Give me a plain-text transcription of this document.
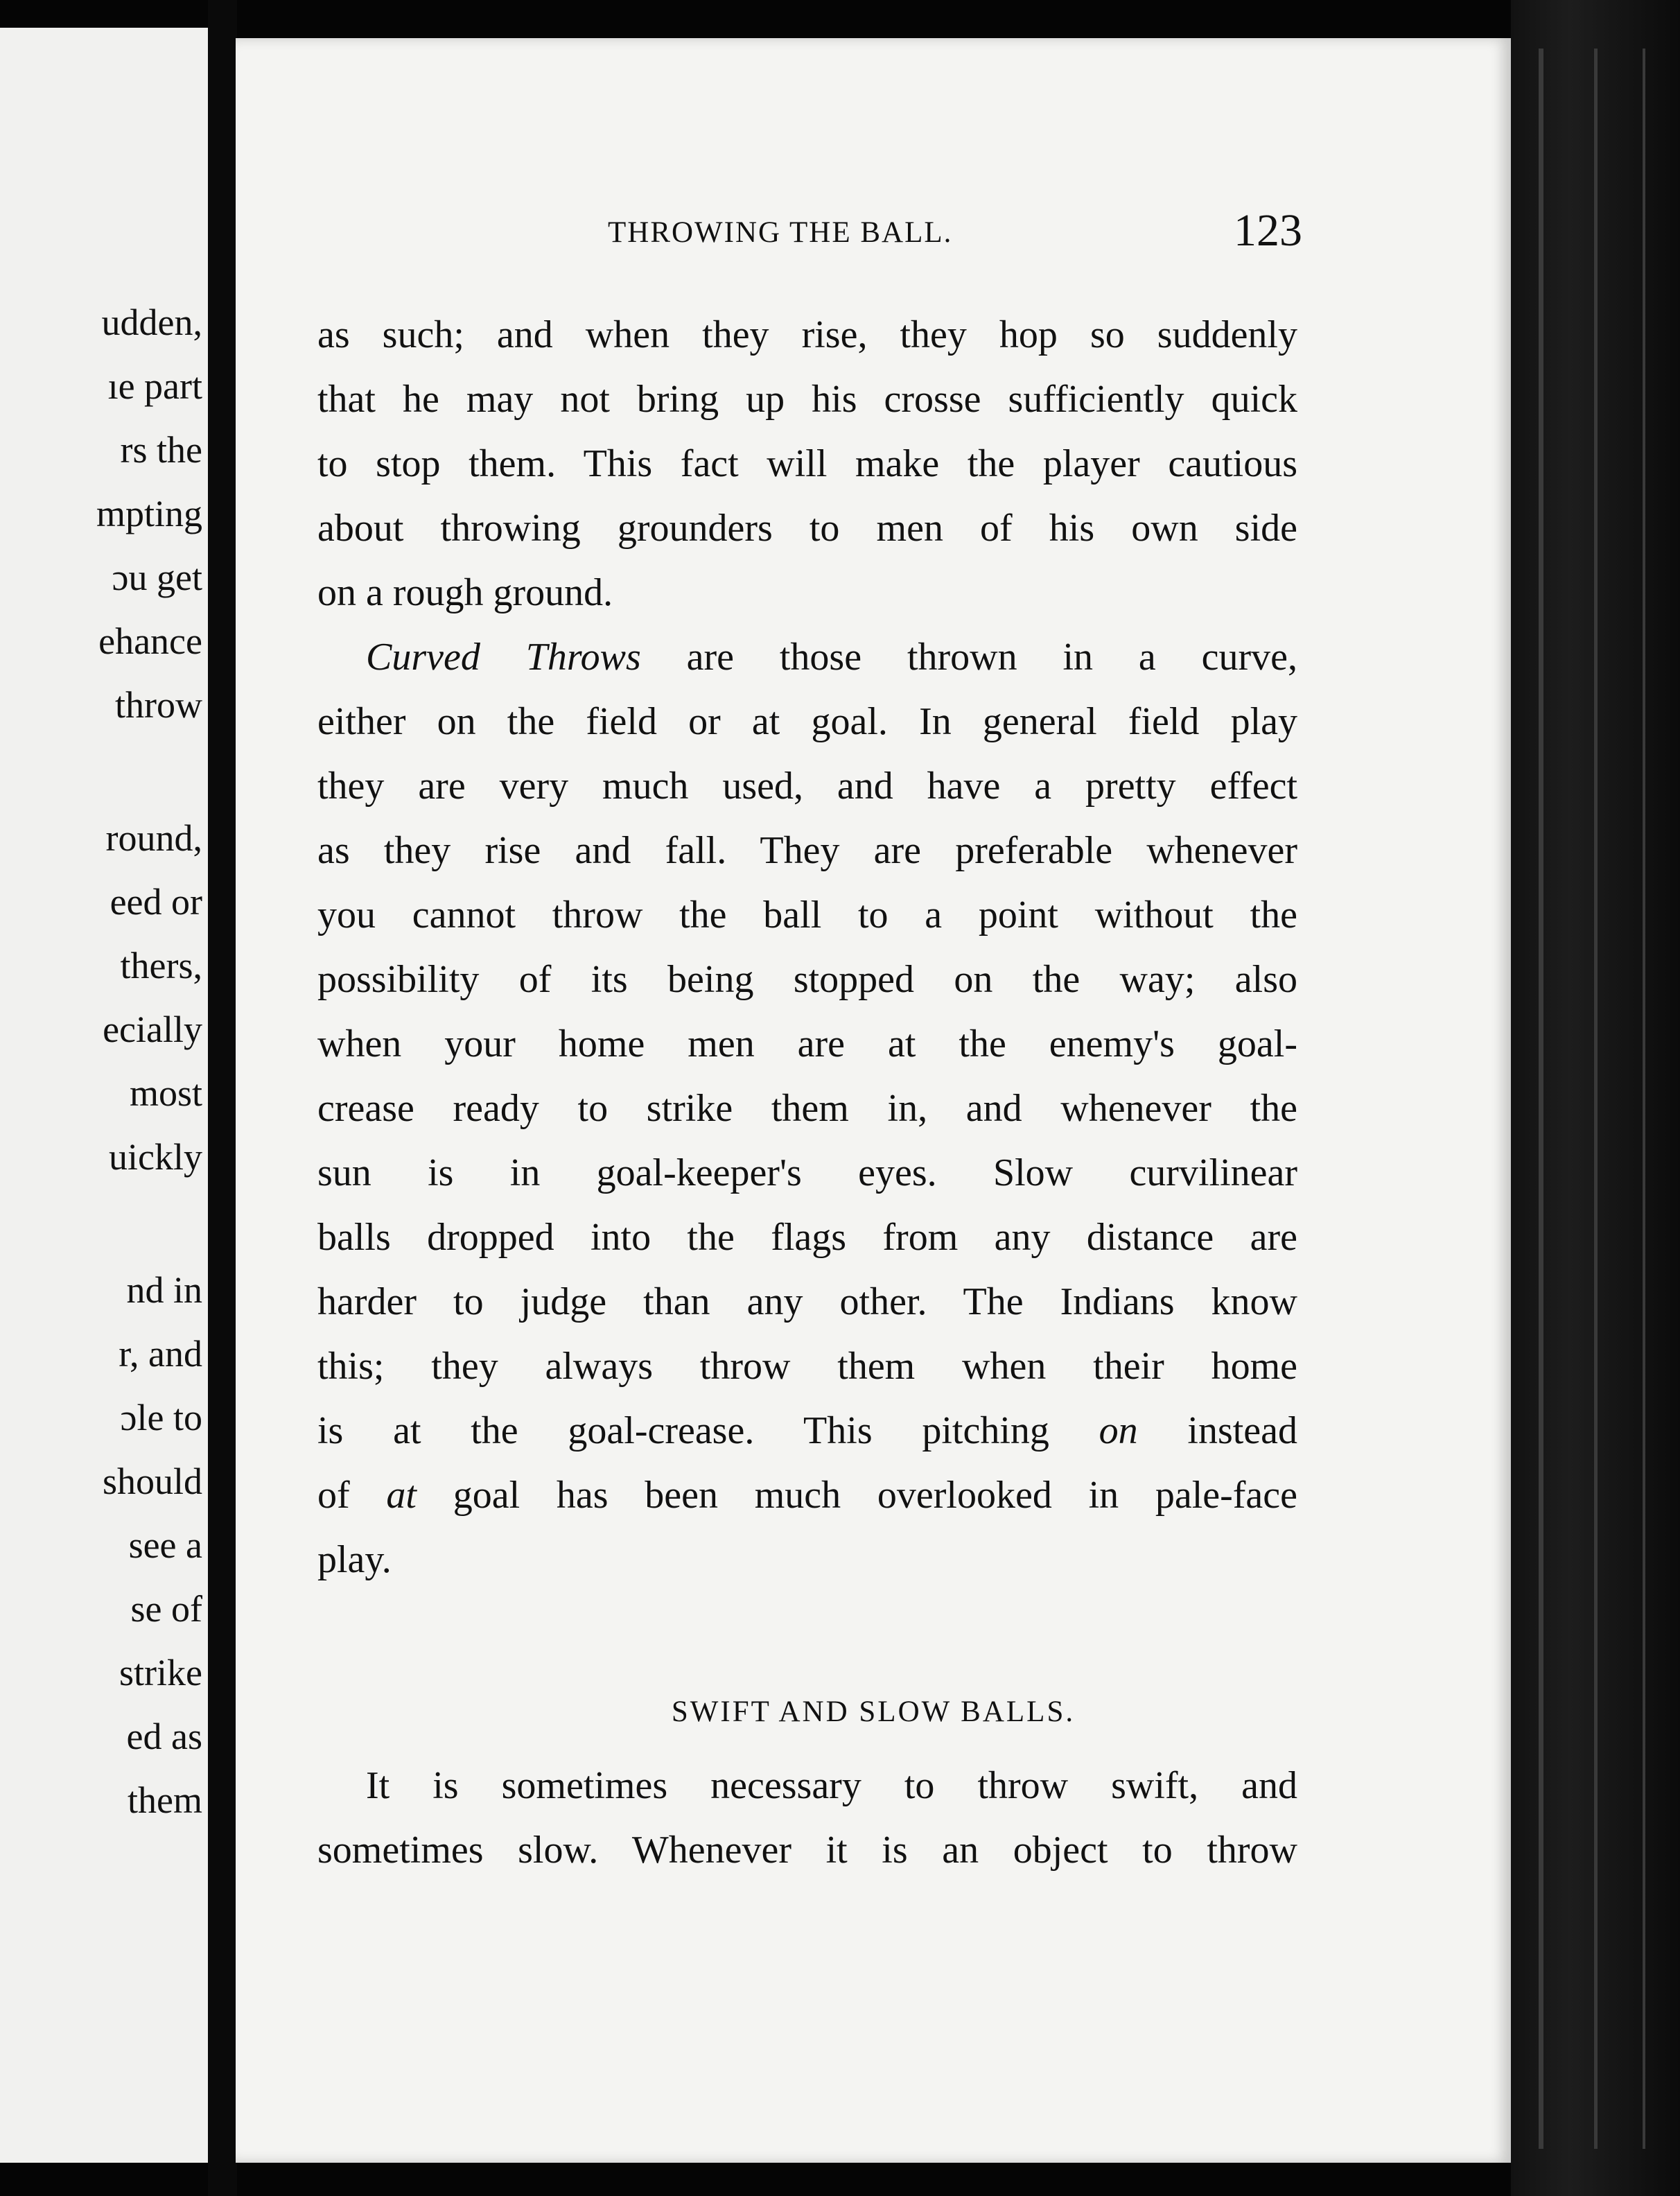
udden,
ıe part
rs the
mpting
ɔu get
ehance
throw
round,
eed or
thers,
ecially
most
uickly
nd in
r, and
ɔle to
should
see a
se of
strike
ed as
them
THROWING THE BALL.	123
as such; and when they rise, they hop so suddenly
that he may not bring up his crosse sufficiently quick
to stop them. This fact will make the player cautious
about throwing grounders to men of his own side
on a rough ground.
Curved Throws are those thrown in a curve,
either on the field or at goal. In general field play
they are very much used, and have a pretty effect
as they rise and fall. They are preferable whenever
you cannot throw the ball to a point without the
possibility of its being stopped on the way; also
when your home men are at the enemy's goal-
crease ready to strike them in, and whenever the
sun is in goal-keeper's eyes. Slow curvilinear
balls dropped into the flags from any distance are
harder to judge than any other. The Indians know
this; they always throw them when their home
is at the goal-crease. This pitching on instead
of at goal has been much overlooked in pale-face
play.
SWIFT AND SLOW BALLS.
It is sometimes necessary to throw swift, and
sometimes slow. Whenever it is an object to throw
